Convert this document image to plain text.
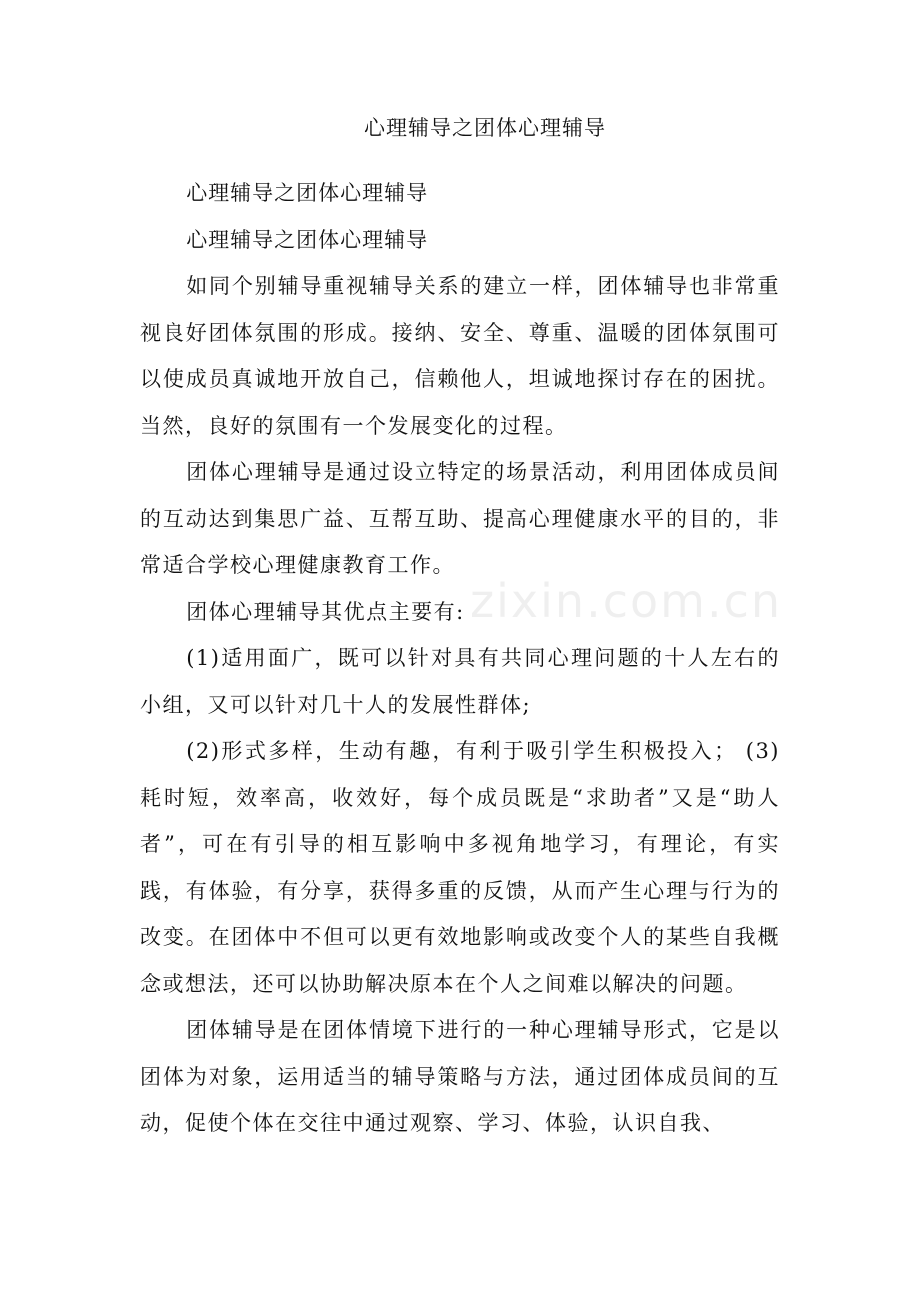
心理辅导之团体心理辅导
zixin.com.cn

心理辅导之团体心理辅导

心理辅导之团体心理辅导

如同个别辅导重视辅导关系的建立一样，团体辅导也非常重视良好团体氛围的形成。接纳、安全、尊重、温暖的团体氛围可以使成员真诚地开放自己，信赖他人，坦诚地探讨存在的困扰。当然，良好的氛围有一个发展变化的过程。

团体心理辅导是通过设立特定的场景活动，利用团体成员间的互动达到集思广益、互帮互助、提高心理健康水平的目的，非常适合学校心理健康教育工作。

团体心理辅导其优点主要有:

(1)适用面广，既可以针对具有共同心理问题的十人左右的小组，又可以针对几十人的发展性群体;

(2)形式多样，生动有趣，有利于吸引学生积极投入； (3)耗时短，效率高，收效好，每个成员既是“求助者”又是“助人者”，可在有引导的相互影响中多视角地学习，有理论，有实践，有体验，有分享，获得多重的反馈，从而产生心理与行为的改变。在团体中不但可以更有效地影响或改变个人的某些自我概念或想法，还可以协助解决原本在个人之间难以解决的问题。

团体辅导是在团体情境下进行的一种心理辅导形式，它是以团体为对象，运用适当的辅导策略与方法，通过团体成员间的互动，促使个体在交往中通过观察、学习、体验，认识自我、
